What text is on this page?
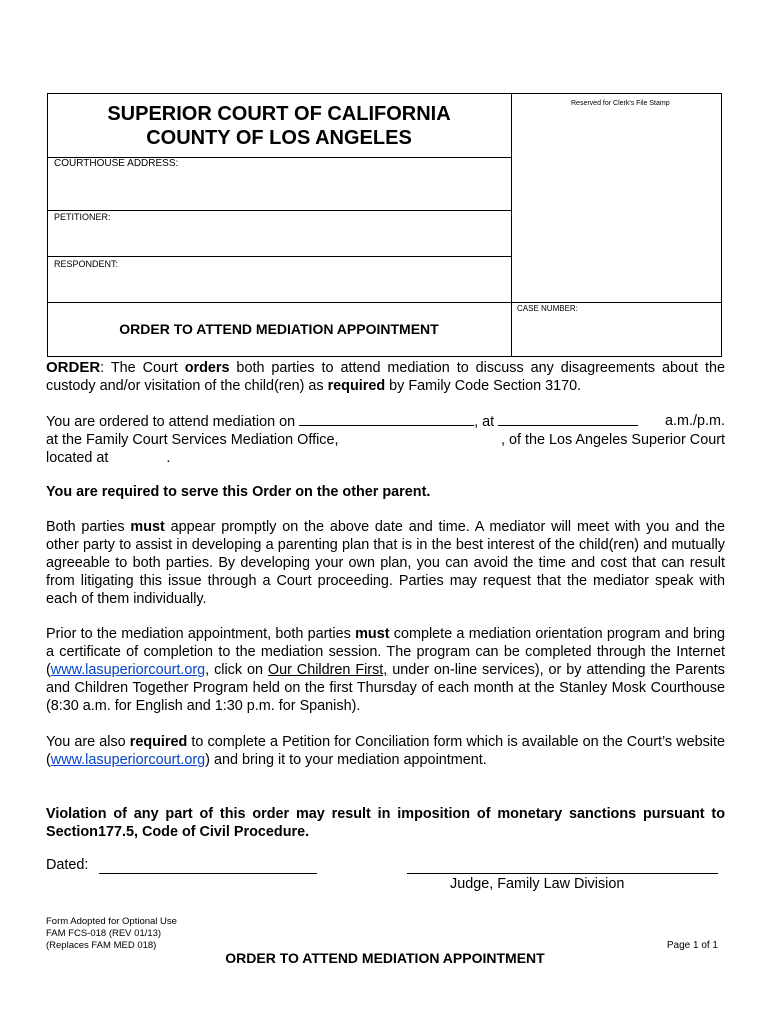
SUPERIOR COURT OF CALIFORNIA
COUNTY OF LOS ANGELES
Reserved for Clerk's File Stamp
COURTHOUSE ADDRESS:
PETITIONER:
RESPONDENT:
CASE NUMBER:
ORDER TO ATTEND MEDIATION APPOINTMENT

ORDER: The Court orders both parties to attend mediation to discuss any disagreements about the custody and/or visitation of the child(ren) as required by Family Code Section 3170.

You are ordered to attend mediation on	, at	a.m./p.m.
at the Family Court Services Mediation Office,	, of the Los Angeles Superior Court
located at	.
You are required to serve this Order on the other parent.

Both parties must appear promptly on the above date and time. A mediator will meet with you and the other party to assist in developing a parenting plan that is in the best interest of the child(ren) and mutually agreeable to both parties. By developing your own plan, you can avoid the time and cost that can result from litigating this issue through a Court proceeding. Parties may request that the mediator speak with each of them individually.

Prior to the mediation appointment, both parties must complete a mediation orientation program and bring a certificate of completion to the mediation session. The program can be completed through the Internet (www.lasuperiorcourt.org, click on Our Children First, under on-line services), or by attending the Parents and Children Together Program held on the first Thursday of each month at the Stanley Mosk Courthouse (8:30 a.m. for English and 1:30 p.m. for Spanish).

You are also required to complete a Petition for Conciliation form which is available on the Court’s website (www.lasuperiorcourt.org) and bring it to your mediation appointment.

Violation of any part of this order may result in imposition of monetary sanctions pursuant to Section177.5, Code of Civil Procedure.
Dated:
Judge, Family Law Division
Form Adopted for Optional Use
FAM FCS-018 (REV 01/13)
(Replaces FAM MED 018)	Page 1 of 1
ORDER TO ATTEND MEDIATION APPOINTMENT
